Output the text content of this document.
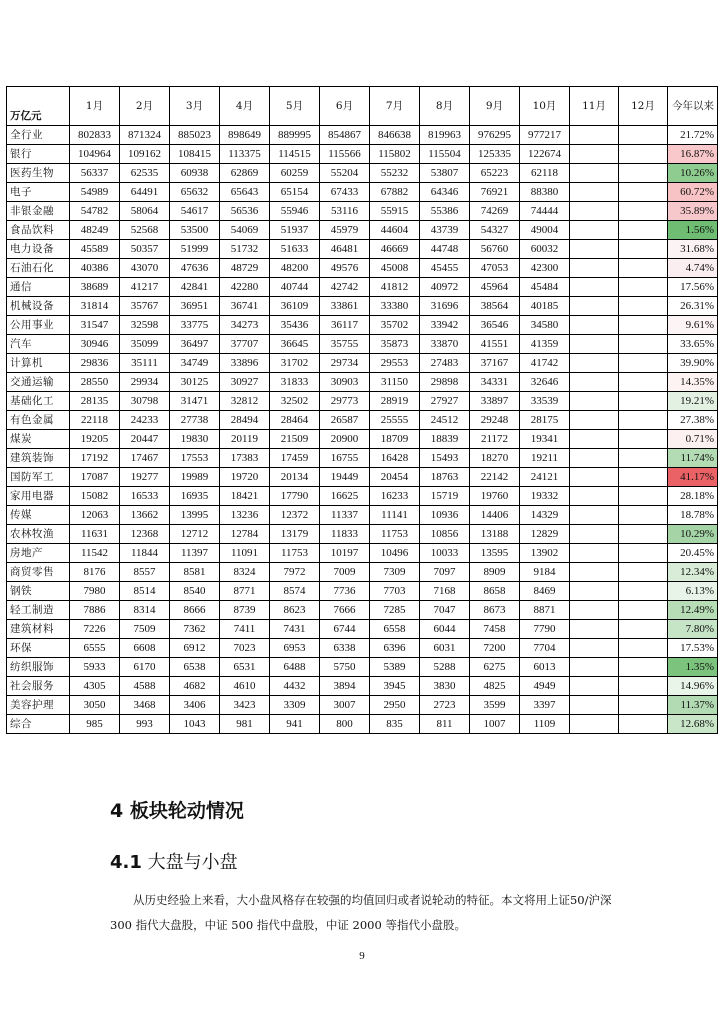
万亿元	1月	2月	3月	4月	5月	6月	7月	8月	9月	10月	11月	12月	今年以来
全行业	802833	871324	885023	898649	889995	854867	846638	819963	976295	977217			21.72%
银行	104964	109162	108415	113375	114515	115566	115802	115504	125335	122674			16.87%
医药生物	56337	62535	60938	62869	60259	55204	55232	53807	65223	62118			10.26%
电子	54989	64491	65632	65643	65154	67433	67882	64346	76921	88380			60.72%
非银金融	54782	58064	54617	56536	55946	53116	55915	55386	74269	74444			35.89%
食品饮料	48249	52568	53500	54069	51937	45979	44604	43739	54327	49004			1.56%
电力设备	45589	50357	51999	51732	51633	46481	46669	44748	56760	60032			31.68%
石油石化	40386	43070	47636	48729	48200	49576	45008	45455	47053	42300			4.74%
通信	38689	41217	42841	42280	40744	42742	41812	40972	45964	45484			17.56%
机械设备	31814	35767	36951	36741	36109	33861	33380	31696	38564	40185			26.31%
公用事业	31547	32598	33775	34273	35436	36117	35702	33942	36546	34580			9.61%
汽车	30946	35099	36497	37707	36645	35755	35873	33870	41551	41359			33.65%
计算机	29836	35111	34749	33896	31702	29734	29553	27483	37167	41742			39.90%
交通运输	28550	29934	30125	30927	31833	30903	31150	29898	34331	32646			14.35%
基础化工	28135	30798	31471	32812	32502	29773	28919	27927	33897	33539			19.21%
有色金属	22118	24233	27738	28494	28464	26587	25555	24512	29248	28175			27.38%
煤炭	19205	20447	19830	20119	21509	20900	18709	18839	21172	19341			0.71%
建筑装饰	17192	17467	17553	17383	17459	16755	16428	15493	18270	19211			11.74%
国防军工	17087	19277	19989	19720	20134	19449	20454	18763	22142	24121			41.17%
家用电器	15082	16533	16935	18421	17790	16625	16233	15719	19760	19332			28.18%
传媒	12063	13662	13995	13236	12372	11337	11141	10936	14406	14329			18.78%
农林牧渔	11631	12368	12712	12784	13179	11833	11753	10856	13188	12829			10.29%
房地产	11542	11844	11397	11091	11753	10197	10496	10033	13595	13902			20.45%
商贸零售	8176	8557	8581	8324	7972	7009	7309	7097	8909	9184			12.34%
钢铁	7980	8514	8540	8771	8574	7736	7703	7168	8658	8469			6.13%
轻工制造	7886	8314	8666	8739	8623	7666	7285	7047	8673	8871			12.49%
建筑材料	7226	7509	7362	7411	7431	6744	6558	6044	7458	7790			7.80%
环保	6555	6608	6912	7023	6953	6338	6396	6031	7200	7704			17.53%
纺织服饰	5933	6170	6538	6531	6488	5750	5389	5288	6275	6013			1.35%
社会服务	4305	4588	4682	4610	4432	3894	3945	3830	4825	4949			14.96%
美容护理	3050	3468	3406	3423	3309	3007	2950	2723	3599	3397			11.37%
综合	985	993	1043	981	941	800	835	811	1007	1109			12.68%
4 板块轮动情况
4.1 大盘与小盘

从历史经验上来看，大小盘风格存在较强的均值回归或者说轮动的特征。本文将用上证50/沪深 300 指代大盘股，中证 500 指代中盘股，中证 2000 等指代小盘股。

9
